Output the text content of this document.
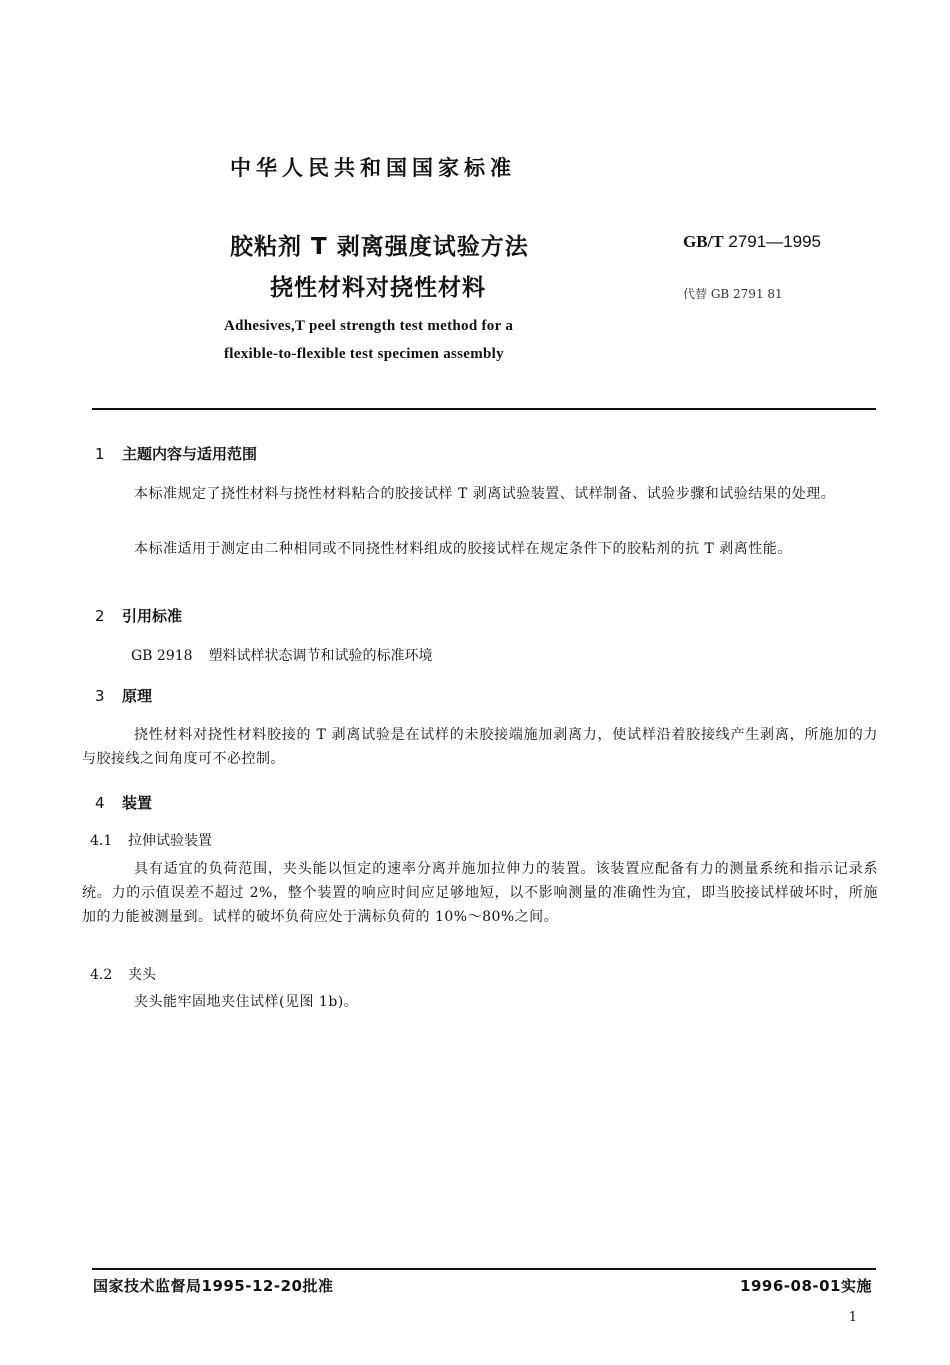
中华人民共和国国家标准
胶粘剂 T 剥离强度试验方法
挠性材料对挠性材料
GB/T 2791—1995
代替 GB 2791 81
Adhesives,T peel strength test method for a
flexible-to-flexible test specimen assembly
1 主题内容与适用范围
本标准规定了挠性材料与挠性材料粘合的胶接试样 T 剥离试验装置、试样制备、试验步骤和试验结果的处理。
本标准适用于测定由二种相同或不同挠性材料组成的胶接试样在规定条件下的胶粘剂的抗 T 剥离性能。
2 引用标准
GB 2918 塑料试样状态调节和试验的标准环境
3 原理
挠性材料对挠性材料胶接的 T 剥离试验是在试样的未胶接端施加剥离力，使试样沿着胶接线产生剥离，所施加的力与胶接线之间角度可不必控制。
4 装置
4.1 拉伸试验装置
具有适宜的负荷范围，夹头能以恒定的速率分离并施加拉伸力的装置。该装置应配备有力的测量系统和指示记录系统。力的示值误差不超过 2%，整个装置的响应时间应足够地短，以不影响测量的准确性为宜，即当胶接试样破坏时，所施加的力能被测量到。试样的破坏负荷应处于满标负荷的 10%～80%之间。
4.2 夹头
夹头能牢固地夹住试样(见图 1b)。
国家技术监督局1995-12-20批准	1996-08-01实施
1
